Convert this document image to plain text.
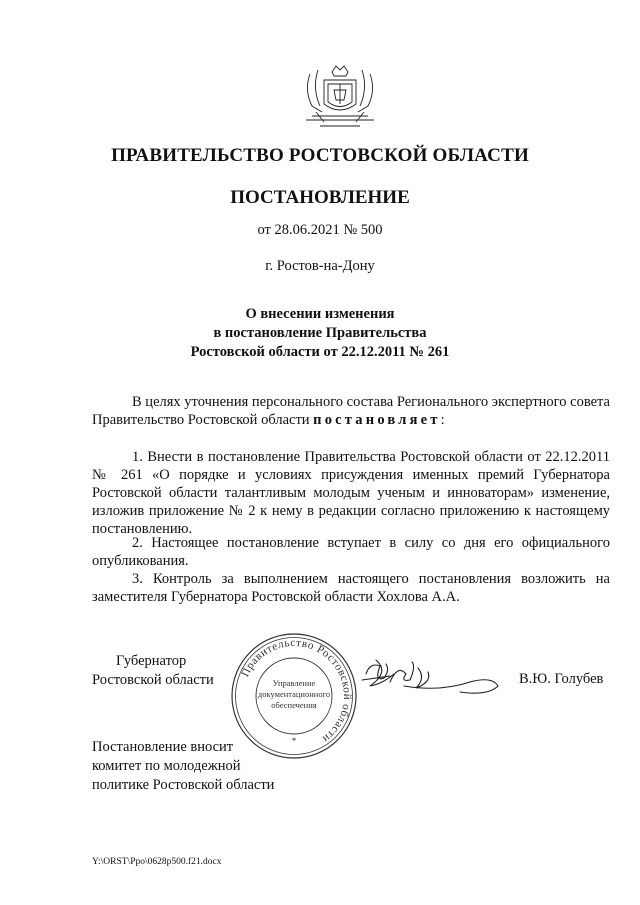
ПРАВИТЕЛЬСТВО РОСТОВСКОЙ ОБЛАСТИ
ПОСТАНОВЛЕНИЕ
от 28.06.2021 № 500
г. Ростов-на-Дону
О внесении изменения
в постановление Правительства
Ростовской области от 22.12.2011 № 261
В целях уточнения персонального состава Регионального экспертного совета Правительство Ростовской области постановляет:
1. Внести в постановление Правительства Ростовской области от 22.12.2011 № 261 «О порядке и условиях присуждения именных премий Губернатора Ростовской области талантливым молодым ученым и инноваторам» изменение, изложив приложение № 2 к нему в редакции согласно приложению к настоящему постановлению.
2. Настоящее постановление вступает в силу со дня его официального опубликования.
3. Контроль за выполнением настоящего постановления возложить на заместителя Губернатора Ростовской области Хохлова А.А.
Губернатор
Ростовской области Правительство Ростовской области
Управление
документационного
обеспечения
*
В.Ю. Голубев
Постановление вносит
комитет по молодежной
политике Ростовской области
Y:\ORST\Ppo\0628p500.f21.docx
